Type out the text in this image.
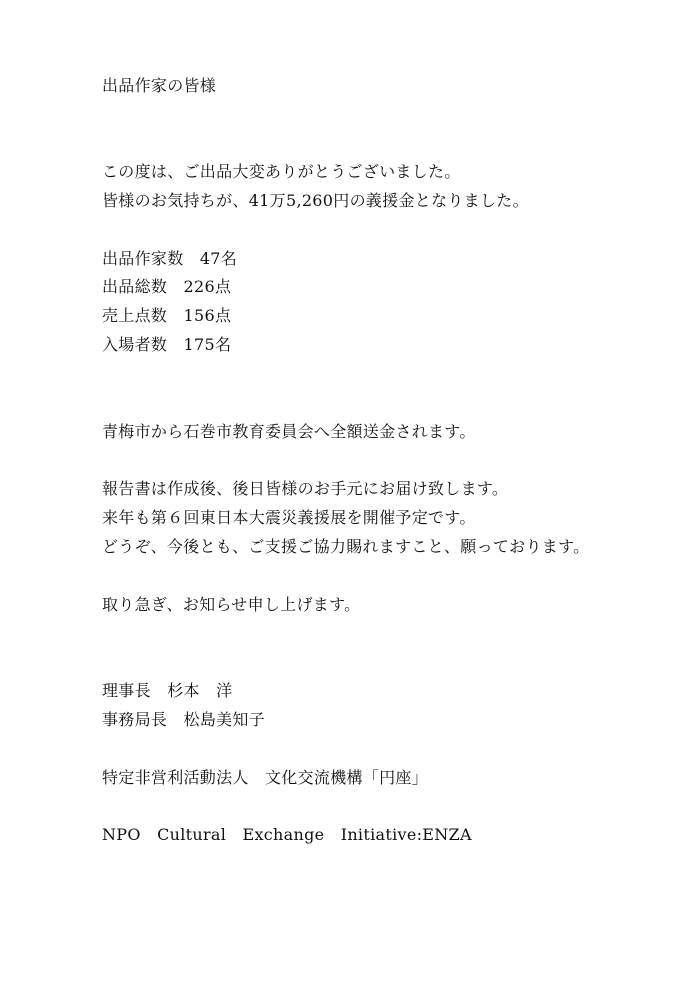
出品作家の皆様
この度は、ご出品大変ありがとうございました。
皆様のお気持ちが、41万5,260円の義援金となりました。
出品作家数　 47名
出品総数　 226点
売上点数　 156点
入場者数　 175名
青梅市から石巻市教育委員会へ全額送金されます。
報告書は作成後、後日皆様のお手元にお届け致します。
来年も第６回東日本大震災義援展を開催予定です。
どうぞ、今後とも、ご支援ご協力賜れますこと、願っております。
取り急ぎ、お知らせ申し上げます。
理事長　 杉本　洋
事務局長　 松島美知子
特定非営利活動法人　文化交流機構「円座」
NPO　Cultural　Exchange　Initiative:ENZA
